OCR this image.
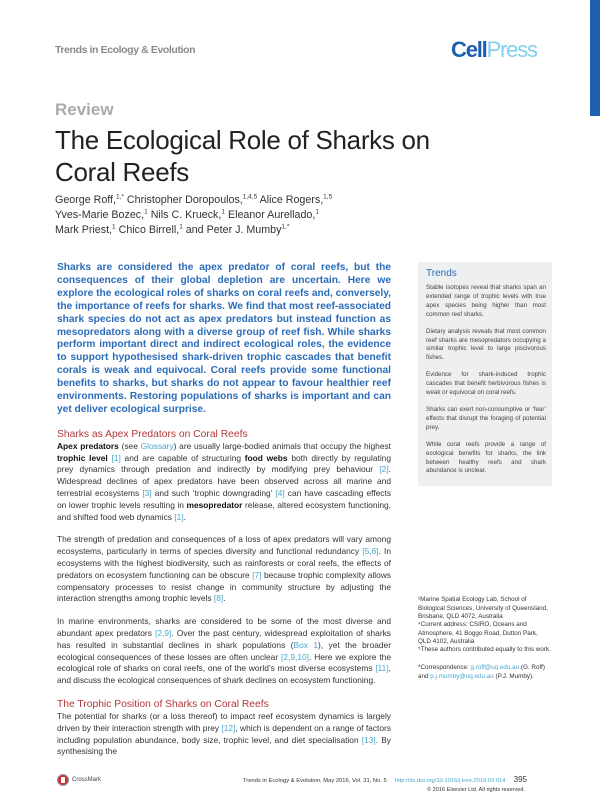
Trends in Ecology & Evolution	CellPress
Review
The Ecological Role of Sharks on Coral Reefs
George Roff,$^{1,*}$ Christopher Doropoulos,$^{1,4,5}$ Alice Rogers,$^{1,5}$
Yves-Marie Bozec,$^1$ Nils C. Krueck,$^1$ Eleanor Aurellado,$^1$
Mark Priest,$^1$ Chico Birrell,$^1$ and Peter J. Mumby$^{1,*}$
Sharks are considered the apex predator of coral reefs, but the consequences of their global depletion are uncertain. Here we explore the ecological roles of sharks on coral reefs and, conversely, the importance of reefs for sharks. We find that most reef-associated shark species do not act as apex predators but instead function as mesopredators along with a diverse group of reef fish. While sharks perform important direct and indirect ecological roles, the evidence to support hypothesised shark-driven trophic cascades that benefit corals is weak and equivocal. Coral reefs provide some functional benefits to sharks, but sharks do not appear to favour healthier reef environments. Restoring populations of sharks is important and can yet deliver ecological surprise.
Sharks as Apex Predators on Coral Reefs
Apex predators (see Glossary) are usually large-bodied animals that occupy the highest trophic level [1] and are capable of structuring food webs both directly by regulating prey dynamics through predation and indirectly by modifying prey behaviour [2]. Widespread declines of apex predators have been observed across all marine and terrestrial ecosystems [3] and such ‘trophic downgrading’ [4] can have cascading effects on lower trophic levels resulting in mesopredator release, altered ecosystem functioning, and shifted food web dynamics [1].
The strength of predation and consequences of a loss of apex predators will vary among ecosystems, particularly in terms of species diversity and functional redundancy [5,6]. In ecosystems with the highest biodiversity, such as rainforests or coral reefs, the effects of predators on ecosystem functioning can be obscure [7] because trophic complexity allows compensatory processes to resist change in community structure by adjusting the interaction strengths among trophic levels [8].
In marine environments, sharks are considered to be some of the most diverse and abundant apex predators [2,9]. Over the past century, widespread exploitation of sharks has resulted in substantial declines in shark populations (Box 1), yet the broader ecological consequences of these losses are often unclear [2,9,10]. Here we explore the ecological role of sharks on coral reefs, one of the world’s most diverse ecosystems [11], and discuss the ecological consequences of shark declines on ecosystem functioning.
The Trophic Position of Sharks on Coral Reefs
The potential for sharks (or a loss thereof) to impact reef ecosystem dynamics is largely driven by their interaction strength with prey [12], which is dependent on a range of factors including population abundance, body size, trophic level, and diet specialisation [13]. By synthesising the
Trends

Stable isotopes reveal that sharks span an extended range of trophic levels with true apex species being higher than most common reef sharks.

Dietary analysis reveals that most common reef sharks are mesopredators occupying a similar trophic level to large piscivorous fishes.

Evidence for shark-induced trophic cascades that benefit herbivorous fishes is weak or equivocal on coral reefs.

Sharks can exert non-consumptive or ‘fear’ effects that disrupt the foraging of potential prey.

While coral reefs provide a range of ecological benefits for sharks, the link between healthy reefs and shark abundance is unclear.

¹Marine Spatial Ecology Lab, School of Biological Sciences, University of Queensland, Brisbane, QLD 4072, Australia

⁴Current address: CSIRO, Oceans and Atmosphere, 41 Boggo Road, Dutton Park, QLD 4102, Australia

⁵These authors contributed equally to this work.

*Correspondence: g.roff@uq.edu.au (G. Roff) and p.j.mumby@uq.edu.au (P.J. Mumby).
CrossMark	Trends in Ecology & Evolution, May 2016, Vol. 31, No. 5 http://dx.doi.org/10.1016/j.tree.2016.02.014 395
© 2016 Elsevier Ltd. All rights reserved.
